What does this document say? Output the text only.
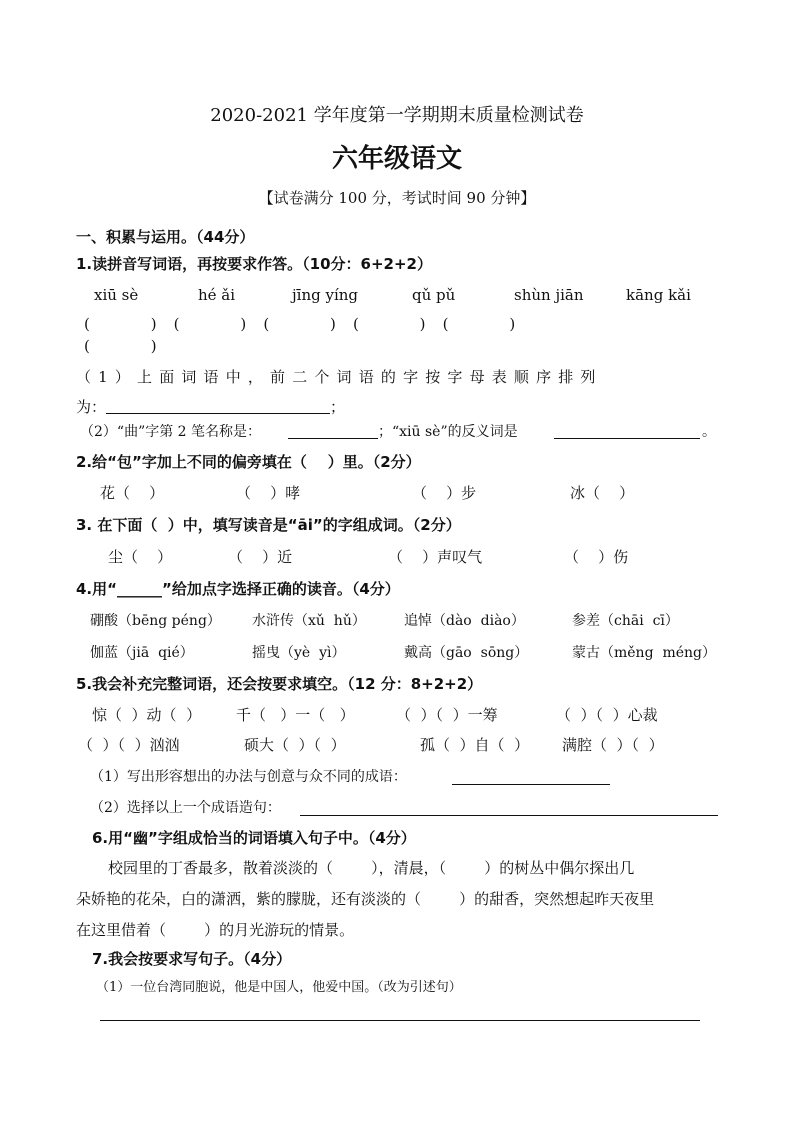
2020-2021 学年度第一学期期末质量检测试卷
六年级语文
【试卷满分 100 分，考试时间 90 分钟】
一、积累与运用。（44分）
1.读拼音写词语，再按要求作答。（10分：6+2+2）
xiū sè	hé ǎi	jīng yíng	qǔ pǔ	shùn jiān	kāng kǎi
(           )   (           )   (           )   (           )   (           )
(           )
（ 1 ） 上 面 词 语 中 ， 前 二 个 词 语 的 字 按 字 母 表 顺 序 排 列
为：	；
（2）“曲”字第 2 笔名称是：	；“xiū sè”的反义词是	。
2.给“包”字加上不同的偏旁填在（    ）里。（2分）
花（    ）	（    ）哮	（    ）步	冰（    ）
3. 在下面（  ）中，填写读音是“āi”的字组成词。（2分）
尘（    ）	（    ）近	（    ）声叹气	（    ）伤
4.用“______”给加点字选择正确的读音。（4分）
硼酸（bēng péng） 水浒传（xǔ  hǔ）	追悼（dào  diào）	参差（chāi  cī）
伽蓝（jiā  qié）	摇曳（yè  yì）	戴高（gāo  sōng）	蒙古（měng  méng）
5.我会补充完整词语，还会按要求填空。（12 分：8+2+2）
惊（  ）动（  ） 千（   ）一（   ）	（  ）（  ）一筹	（  ）（  ）心裁
（  ）（  ）汹汹	硕大（  ）（  ）	孤（  ）自（  ） 满腔（  ）（  ）
（1）写出形容想出的办法与创意与众不同的成语：
（2）选择以上一个成语造句：
6.用“幽”字组成恰当的词语填入句子中。（4分）
校园里的丁香最多，散着淡淡的（        ），清晨，（        ）的树丛中偶尔探出几
朵娇艳的花朵，白的潇洒，紫的朦胧，还有淡淡的（        ）的甜香，突然想起昨天夜里
在这里借着（        ）的月光游玩的情景。
7.我会按要求写句子。（4分）
（1）一位台湾同胞说，他是中国人，他爱中国。（改为引述句）
